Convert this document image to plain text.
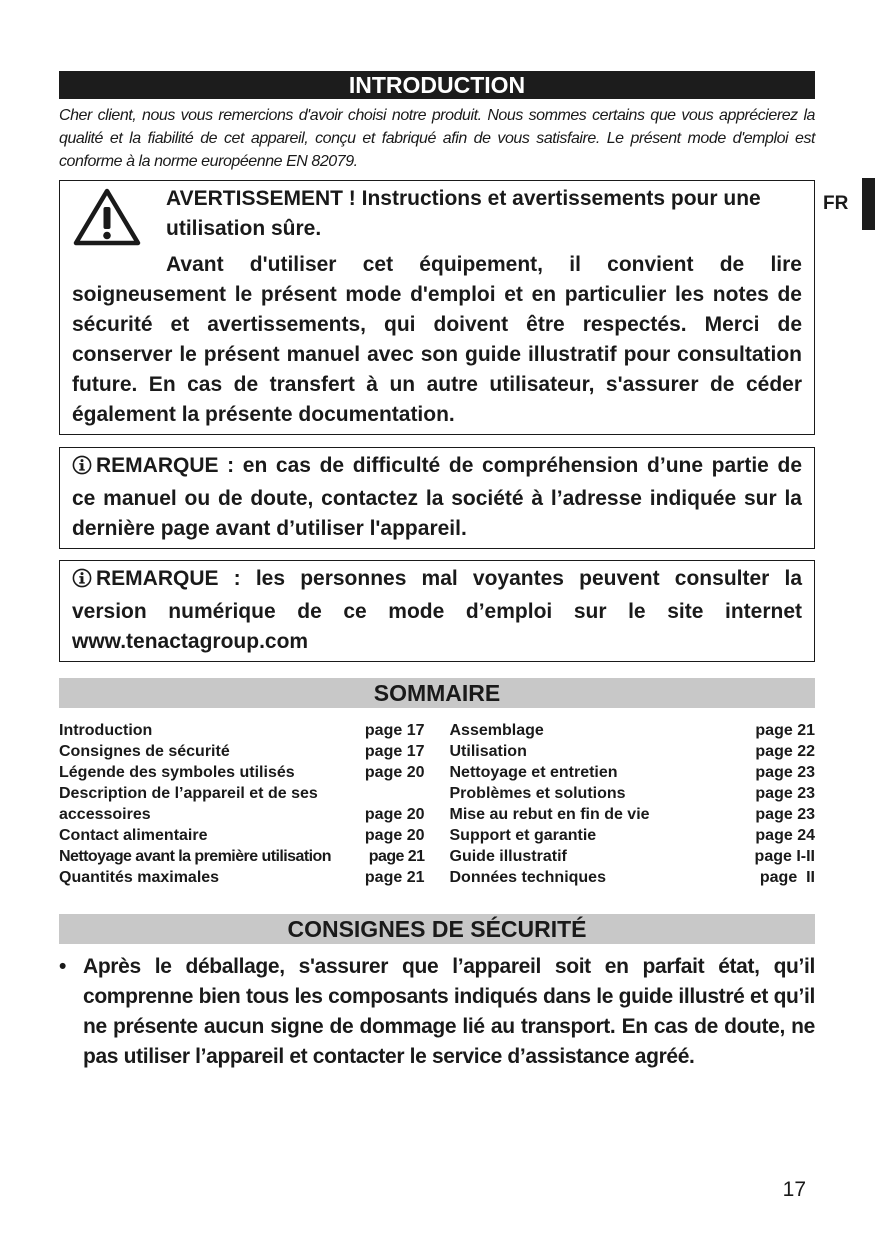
INTRODUCTION
Cher client, nous vous remercions d'avoir choisi notre produit. Nous sommes certains que vous apprécierez la qualité et la fiabilité de cet appareil, conçu et fabriqué afin de vous satisfaire. Le présent mode d'emploi est conforme à la norme européenne EN 82079.
AVERTISSEMENT ! Instructions et avertissements pour une utilisation sûre.
Avant d'utiliser cet équipement, il convient de lire soigneusement le présent mode d'emploi et en particulier les notes de sécurité et avertissements, qui doivent être respectés. Merci de conserver le présent manuel avec son guide illustratif pour consultation future. En cas de transfert à un autre utilisateur, s'assurer de céder également la présente documentation.
REMARQUE : en cas de difficulté de compréhension d’une partie de ce manuel ou de doute, contactez la société à l’adresse indiquée sur la dernière page avant d’utiliser l'appareil.
REMARQUE : les personnes mal voyantes peuvent consulter la version numérique de ce mode d’emploi sur le site internet
www.tenactagroup.com
SOMMAIRE
Introduction	page 17
Consignes de sécurité	page 17
Légende des symboles utilisés	page 20
Description de l’appareil et de ses
accessoires	page 20
Contact alimentaire	page 20
Nettoyage avant la première utilisation page 21
Quantités maximales	page 21
Assemblage	page 21
Utilisation	page 22
Nettoyage et entretien	page 23
Problèmes et solutions	page 23
Mise au rebut en fin de vie	page 23
Support et garantie	page 24
Guide illustratif	page I-II
Données techniques	page  II
CONSIGNES DE SÉCURITÉ
• Après le déballage, s'assurer que l’appareil soit en parfait état, qu’il comprenne bien tous les composants indiqués dans le guide illustré et qu’il ne présente aucun signe de dommage lié au transport. En cas de doute, ne pas utiliser l’appareil et contacter le service d’assistance agréé.
FR
17
